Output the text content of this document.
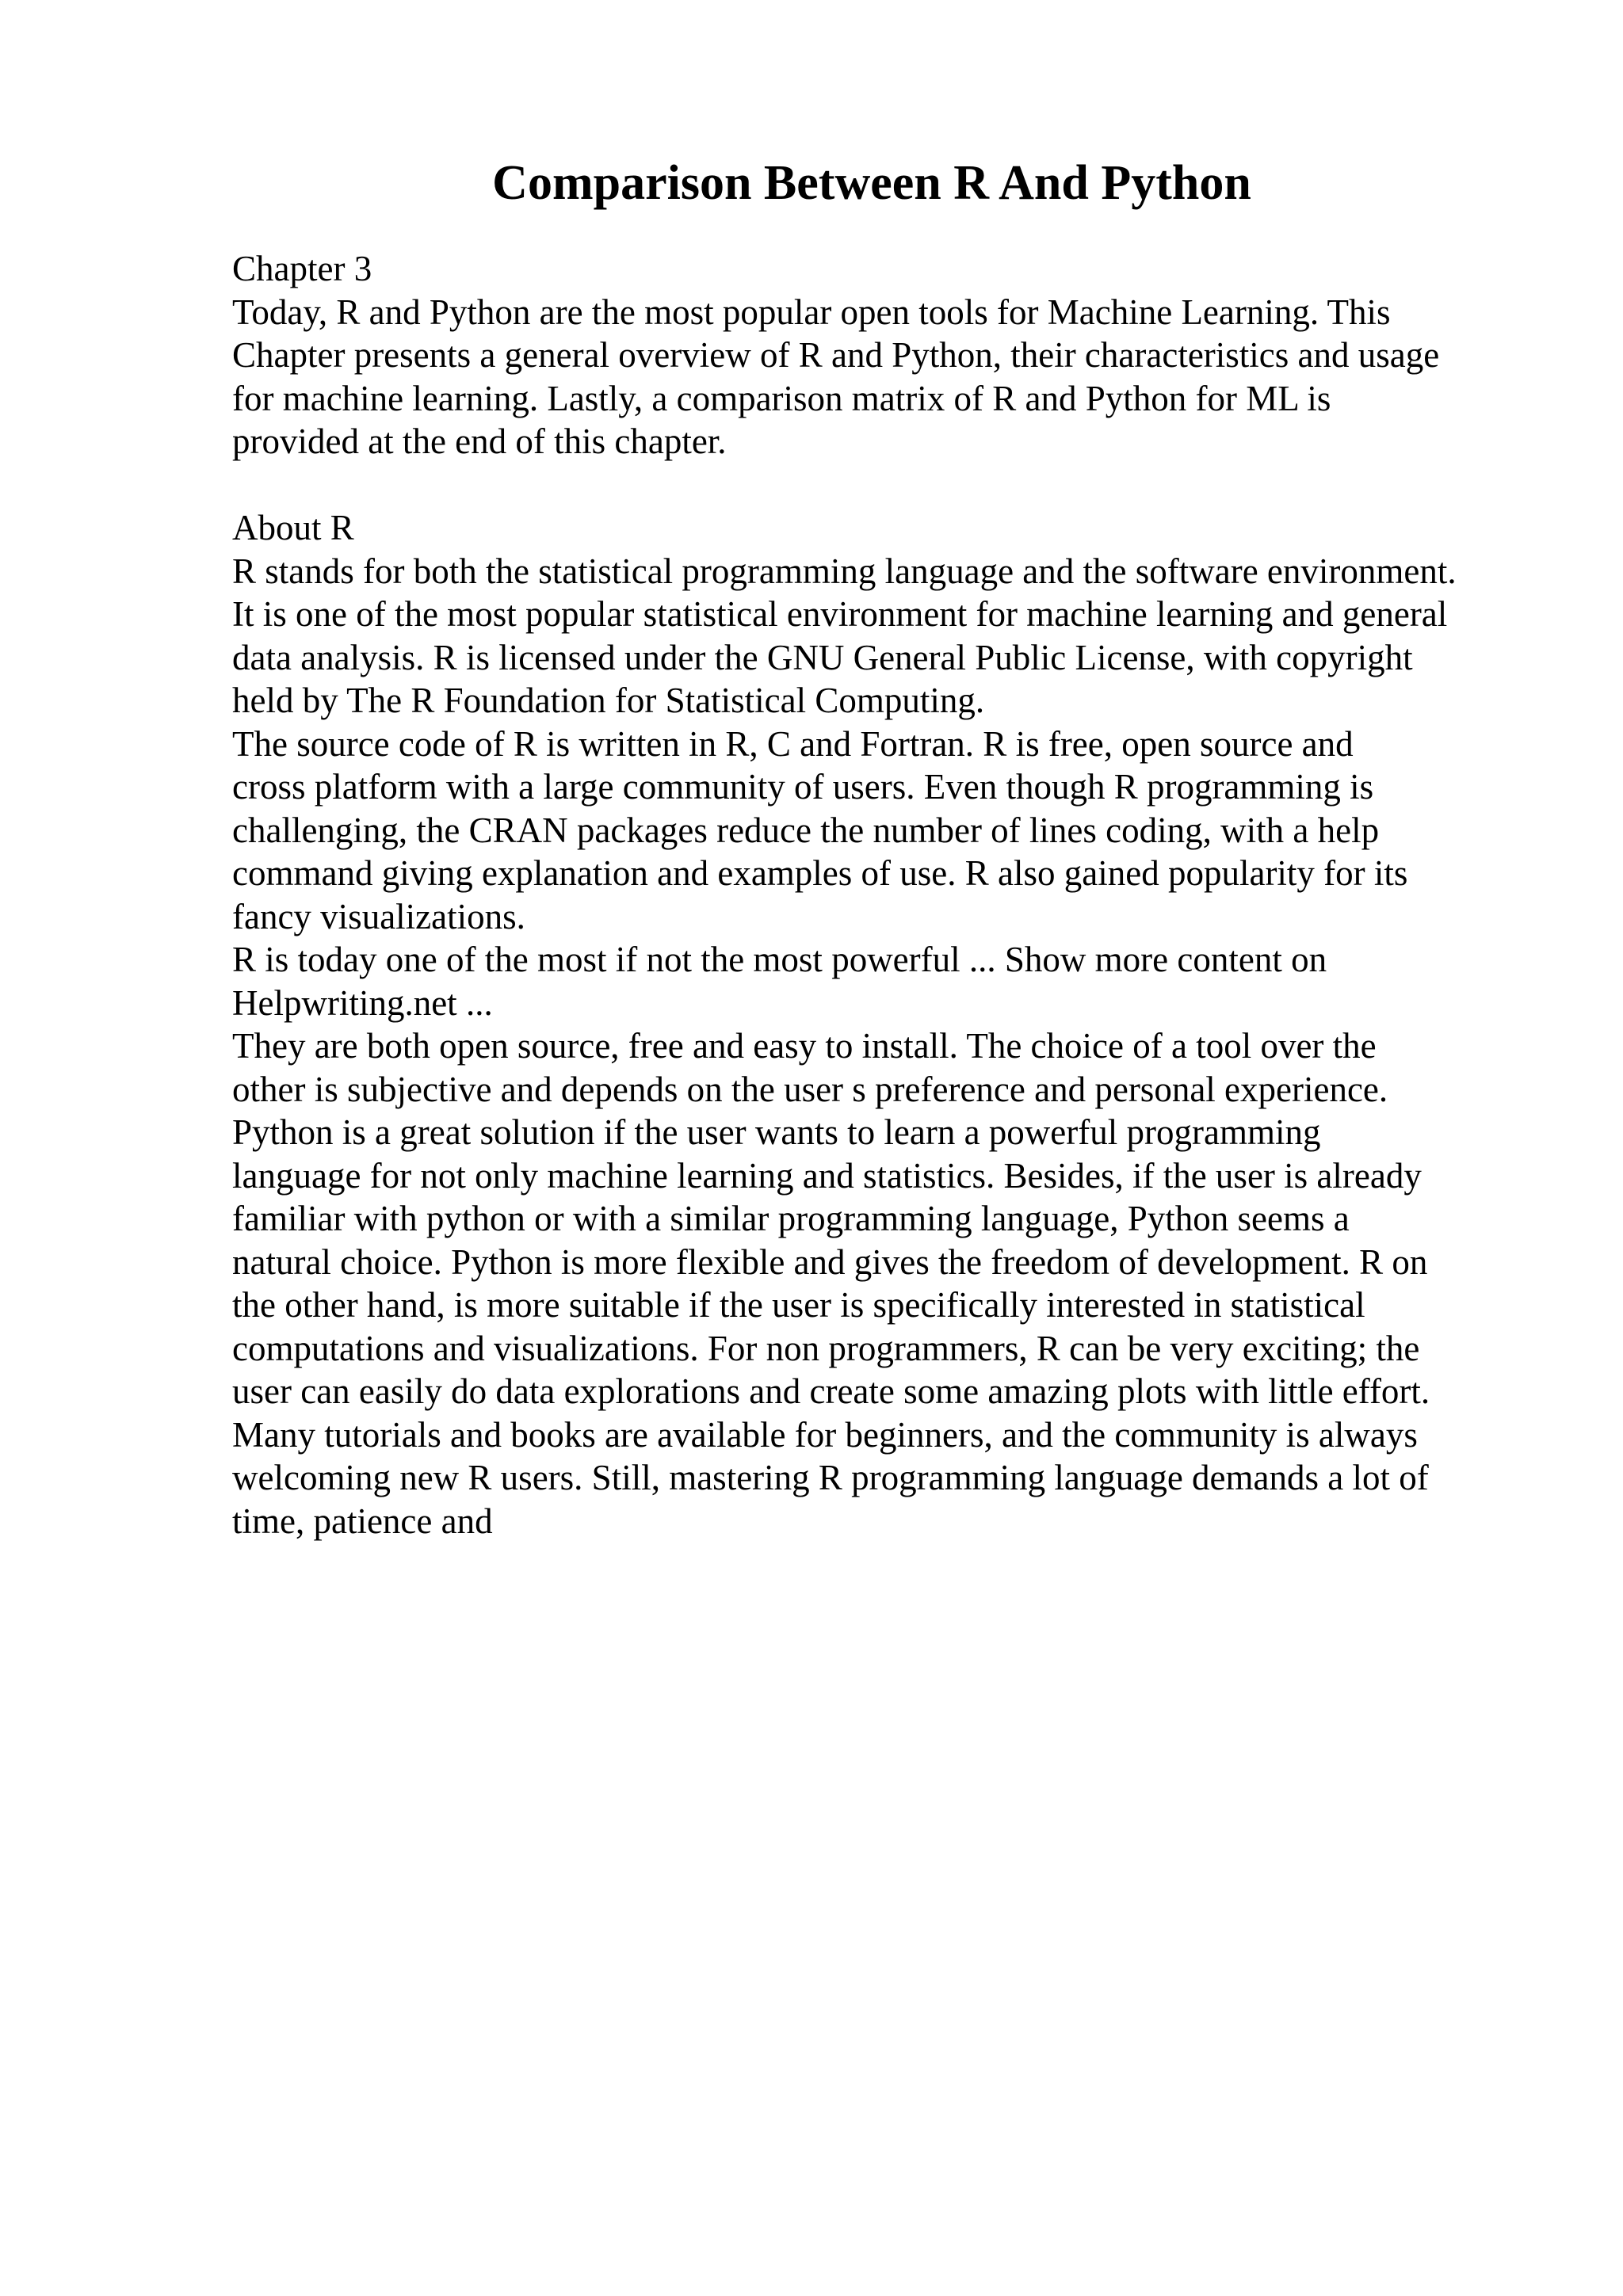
Comparison Between R And Python
Chapter 3
Today, R and Python are the most popular open tools for Machine Learning. This
Chapter presents a general overview of R and Python, their characteristics and usage
for machine learning. Lastly, a comparison matrix of R and Python for ML is
provided at the end of this chapter.
About R
R stands for both the statistical programming language and the software environment.
It is one of the most popular statistical environment for machine learning and general
data analysis. R is licensed under the GNU General Public License, with copyright
held by The R Foundation for Statistical Computing.
The source code of R is written in R, C and Fortran. R is free, open source and
cross platform with a large community of users. Even though R programming is
challenging, the CRAN packages reduce the number of lines coding, with a help
command giving explanation and examples of use. R also gained popularity for its
fancy visualizations.
R is today one of the most if not the most powerful ... Show more content on
Helpwriting.net ...
They are both open source, free and easy to install. The choice of a tool over the
other is subjective and depends on the user s preference and personal experience.
Python is a great solution if the user wants to learn a powerful programming
language for not only machine learning and statistics. Besides, if the user is already
familiar with python or with a similar programming language, Python seems a
natural choice. Python is more flexible and gives the freedom of development. R on
the other hand, is more suitable if the user is specifically interested in statistical
computations and visualizations. For non programmers, R can be very exciting; the
user can easily do data explorations and create some amazing plots with little effort.
Many tutorials and books are available for beginners, and the community is always
welcoming new R users. Still, mastering R programming language demands a lot of
time, patience and
